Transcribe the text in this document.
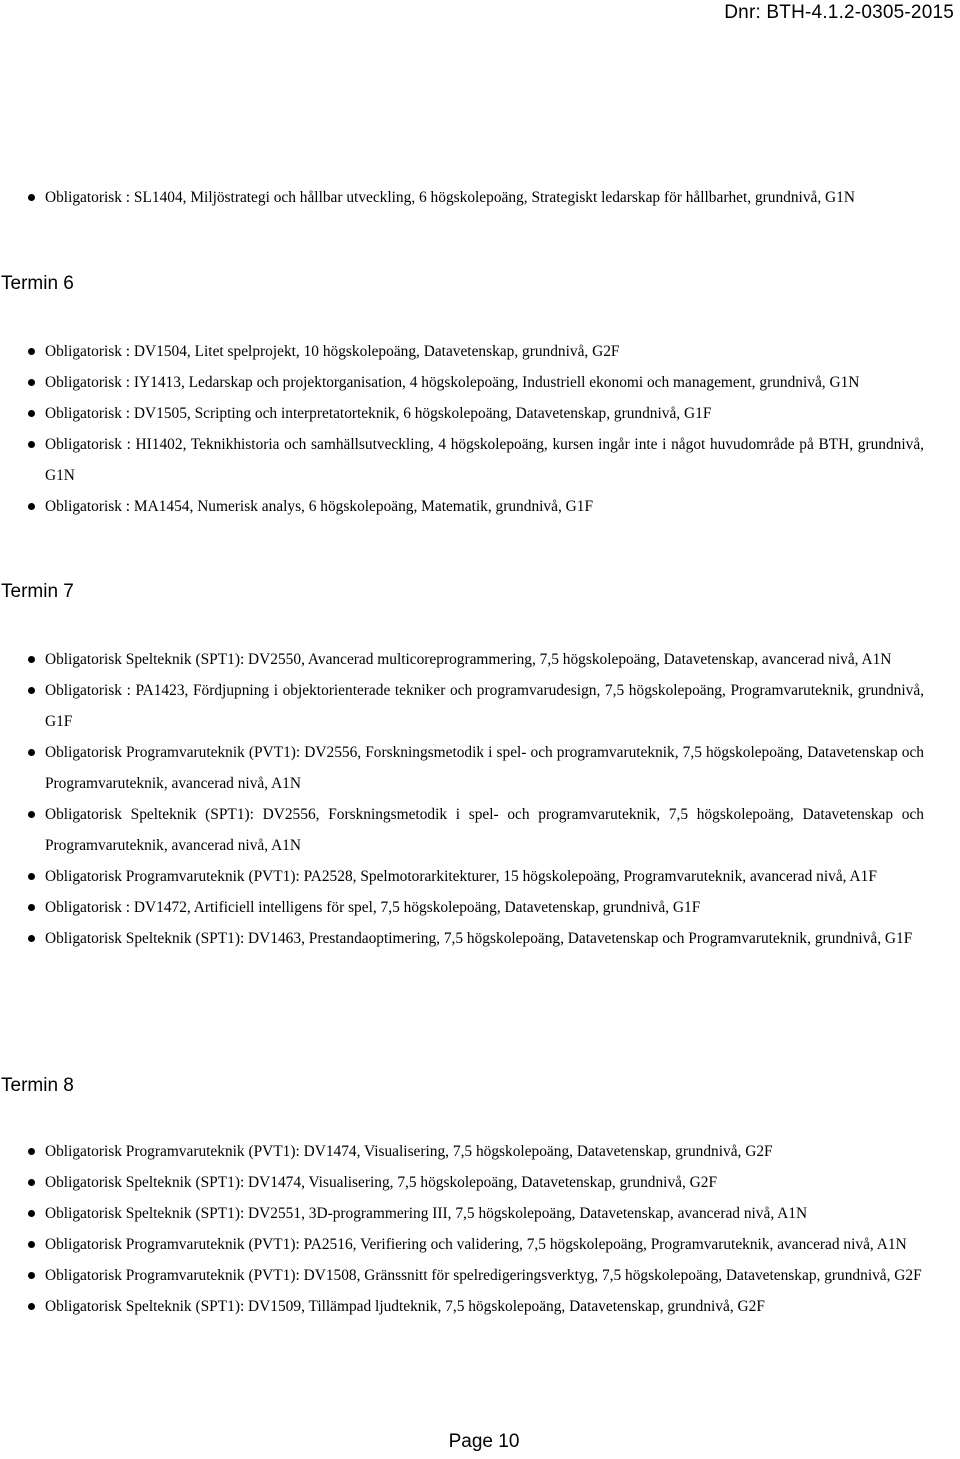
Dnr: BTH-4.1.2-0305-2015
Obligatorisk : SL1404, Miljöstrategi och hållbar utveckling, 6 högskolepoäng, Strategiskt ledarskap för hållbarhet, grundnivå, G1N
Termin 6
Obligatorisk : DV1504, Litet spelprojekt, 10 högskolepoäng, Datavetenskap, grundnivå, G2F
Obligatorisk : IY1413, Ledarskap och projektorganisation, 4 högskolepoäng, Industriell ekonomi och management, grundnivå, G1N
Obligatorisk : DV1505, Scripting och interpretatorteknik, 6 högskolepoäng, Datavetenskap, grundnivå, G1F
Obligatorisk : HI1402, Teknikhistoria och samhällsutveckling, 4 högskolepoäng, kursen ingår inte i något huvudområde på BTH, grundnivå, G1N
Obligatorisk : MA1454, Numerisk analys, 6 högskolepoäng, Matematik, grundnivå, G1F
Termin 7
Obligatorisk Spelteknik (SPT1): DV2550, Avancerad multicoreprogrammering, 7,5 högskolepoäng, Datavetenskap, avancerad nivå, A1N
Obligatorisk : PA1423, Fördjupning i objektorienterade tekniker och programvarudesign, 7,5 högskolepoäng, Programvaruteknik, grundnivå, G1F
Obligatorisk Programvaruteknik (PVT1): DV2556, Forskningsmetodik i spel- och programvaruteknik, 7,5 högskolepoäng, Datavetenskap och Programvaruteknik, avancerad nivå, A1N
Obligatorisk Spelteknik (SPT1): DV2556, Forskningsmetodik i spel- och programvaruteknik, 7,5 högskolepoäng, Datavetenskap och Programvaruteknik, avancerad nivå, A1N
Obligatorisk Programvaruteknik (PVT1): PA2528, Spelmotorarkitekturer, 15 högskolepoäng, Programvaruteknik, avancerad nivå, A1F
Obligatorisk : DV1472, Artificiell intelligens för spel, 7,5 högskolepoäng, Datavetenskap, grundnivå, G1F
Obligatorisk Spelteknik (SPT1): DV1463, Prestandaoptimering, 7,5 högskolepoäng, Datavetenskap och Programvaruteknik, grundnivå, G1F
Termin 8
Obligatorisk Programvaruteknik (PVT1): DV1474, Visualisering, 7,5 högskolepoäng, Datavetenskap, grundnivå, G2F
Obligatorisk Spelteknik (SPT1): DV1474, Visualisering, 7,5 högskolepoäng, Datavetenskap, grundnivå, G2F
Obligatorisk Spelteknik (SPT1): DV2551, 3D-programmering III, 7,5 högskolepoäng, Datavetenskap, avancerad nivå, A1N
Obligatorisk Programvaruteknik (PVT1): PA2516, Verifiering och validering, 7,5 högskolepoäng, Programvaruteknik, avancerad nivå, A1N
Obligatorisk Programvaruteknik (PVT1): DV1508, Gränssnitt för spelredigeringsverktyg, 7,5 högskolepoäng, Datavetenskap, grundnivå, G2F
Obligatorisk Spelteknik (SPT1): DV1509, Tillämpad ljudteknik, 7,5 högskolepoäng, Datavetenskap, grundnivå, G2F
Page 10
